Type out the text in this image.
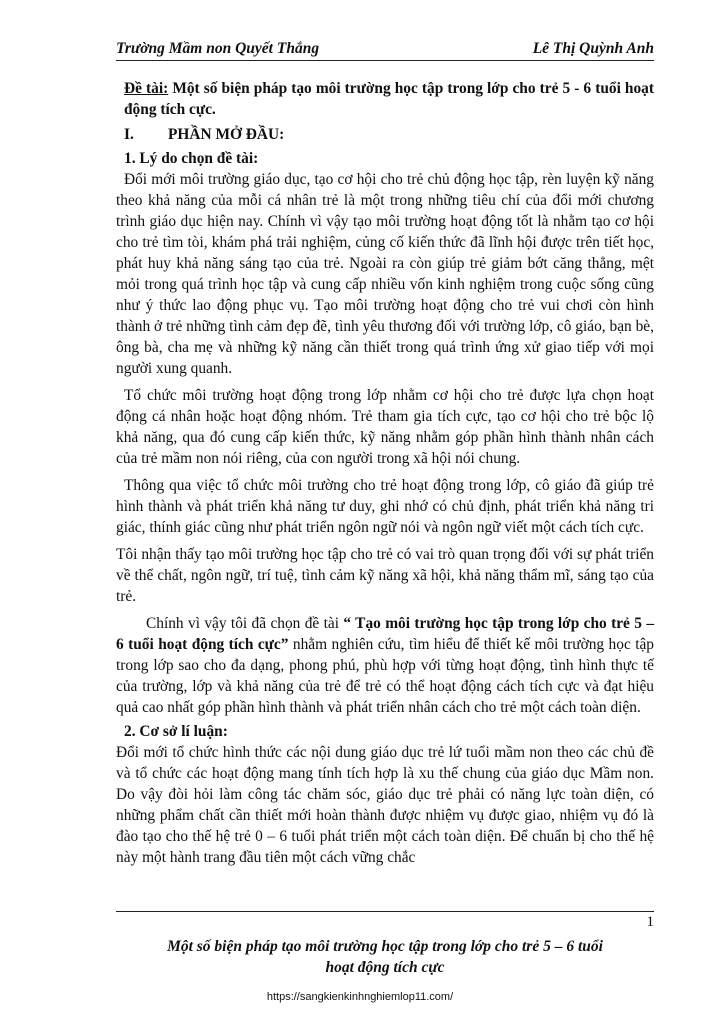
Trường Mầm non Quyết Thắng	Lê Thị Quỳnh Anh

Đề tài: Một số biện pháp tạo môi trường học tập trong lớp cho trẻ 5 - 6 tuổi hoạt động tích cực.

I.	PHẦN MỞ ĐẦU:
1. Lý do chọn đề tài:

Đổi mới môi trường giáo dục, tạo cơ hội cho trẻ chủ động học tập, rèn luyện kỹ năng theo khả năng của mỗi cá nhân trẻ là một trong những tiêu chí của đổi mới chương trình giáo dục hiện nay. Chính vì vậy tạo môi trường hoạt động tốt là nhằm tạo cơ hội cho trẻ tìm tòi, khám phá trải nghiệm, củng cố kiến thức đã lĩnh hội được trên tiết học, phát huy khả năng sáng tạo của trẻ. Ngoài ra còn giúp trẻ giảm bớt căng thẳng, mệt mỏi trong quá trình học tập và cung cấp nhiều vốn kinh nghiệm trong cuộc sống cũng như ý thức lao động phục vụ. Tạo môi trường hoạt động cho trẻ vui chơi còn hình thành ở trẻ những tình cảm đẹp đẽ, tình yêu thương đối với trường lớp, cô giáo, bạn bè, ông bà, cha mẹ và những kỹ năng cần thiết trong quá trình ứng xử giao tiếp với mọi người xung quanh.

Tổ chức môi trường hoạt động trong lớp nhằm cơ hội cho trẻ được lựa chọn hoạt động cá nhân hoặc hoạt động nhóm. Trẻ tham gia tích cực, tạo cơ hội cho trẻ bộc lộ khả năng, qua đó cung cấp kiến thức, kỹ năng nhằm góp phần hình thành nhân cách của trẻ mầm non nói riêng, của con người trong xã hội nói chung.

Thông qua việc tổ chức môi trường cho trẻ hoạt động trong lớp, cô giáo đã giúp trẻ hình thành và phát triển khả năng tư duy, ghi nhớ có chủ định, phát triển khả năng tri giác, thính giác cũng như phát triển ngôn ngữ nói và ngôn ngữ viết một cách tích cực.

Tôi nhận thấy tạo môi trường học tập cho trẻ có vai trò quan trọng đối với sự phát triển về thể chất, ngôn ngữ, trí tuệ, tình cảm kỹ năng xã hội, khả năng thẩm mĩ, sáng tạo của trẻ.

Chính vì vậy tôi đã chọn đề tài “ Tạo môi trường học tập trong lớp cho trẻ 5 – 6 tuổi hoạt động tích cực” nhằm nghiên cứu, tìm hiểu để thiết kế môi trường học tập trong lớp sao cho đa dạng, phong phú, phù hợp với từng hoạt động, tình hình thực tế của trường, lớp và khả năng của trẻ để trẻ có thể hoạt động cách tích cực và đạt hiệu quả cao nhất góp phần hình thành và phát triển nhân cách cho trẻ một cách toàn diện.

2. Cơ sở lí luận:

Đổi mới tổ chức hình thức các nội dung giáo dục trẻ lứ tuổi mầm non theo các chủ đề và tổ chức các hoạt động mang tính tích hợp là xu thế chung của giáo dục Mầm non. Do vậy đòi hỏi làm công tác chăm sóc, giáo dục trẻ phải có năng lực toàn diện, có những phẩm chất cần thiết mới hoàn thành được nhiệm vụ được giao, nhiệm vụ đó là đào tạo cho thế hệ trẻ 0 – 6 tuổi phát triển một cách toàn diện. Để chuẩn bị cho thế hệ này một hành trang đầu tiên một cách vững chắc

1
Một số biện pháp tạo môi trường học tập trong lớp cho trẻ 5 – 6 tuổi
hoạt động tích cực
https://sangkienkinhnghiemlop11.com/
